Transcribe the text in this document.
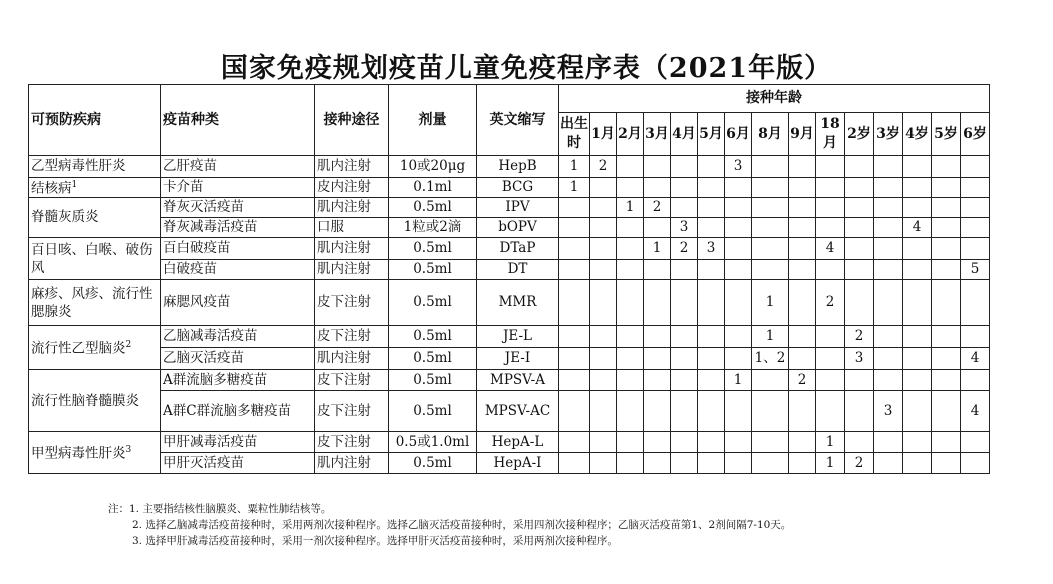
国家免疫规划疫苗儿童免疫程序表（2021年版）
可预防疾病	疫苗种类	接种途径	剂量	英文缩写	接种年龄														
					出生时	1月	2月	3月	4月	5月	6月	8月	9月	18月	2岁	3岁	4岁	5岁	6岁
乙型病毒性肝炎	乙肝疫苗	肌内注射	10或20μg	HepB	1	2					3								
结核病$^1$	卡介苗	皮内注射	0.1ml	BCG	1														
脊髓灰质炎	脊灰灭活疫苗	肌内注射	0.5ml	IPV			1	2											
	脊灰减毒活疫苗	口服	1粒或2滴	bOPV					3								4		
百日咳、白喉、破伤风	百白破疫苗	肌内注射	0.5ml	DTaP				1	2	3				4					
	白破疫苗	肌内注射	0.5ml	DT															5
麻疹、风疹、流行性腮腺炎	麻腮风疫苗	皮下注射	0.5ml	MMR								1		2					
流行性乙型脑炎$^2$	乙脑减毒活疫苗	皮下注射	0.5ml	JE-L								1			2				
	乙脑灭活疫苗	肌内注射	0.5ml	JE-I								1、2			3				4
流行性脑脊髓膜炎	A群流脑多糖疫苗	皮下注射	0.5ml	MPSV-A							1		2						
	A群C群流脑多糖疫苗	皮下注射	0.5ml	MPSV-AC												3			4
甲型病毒性肝炎$^3$	甲肝减毒活疫苗	皮下注射	0.5或1.0ml	HepA-L										1					
	甲肝灭活疫苗	肌内注射	0.5ml	HepA-I										1	2				
注：1. 主要指结核性脑膜炎、粟粒性肺结核等。
2. 选择乙脑减毒活疫苗接种时，采用两剂次接种程序。选择乙脑灭活疫苗接种时，采用四剂次接种程序；乙脑灭活疫苗第1、2剂间隔7-10天。
3. 选择甲肝减毒活疫苗接种时，采用一剂次接种程序。选择甲肝灭活疫苗接种时，采用两剂次接种程序。
